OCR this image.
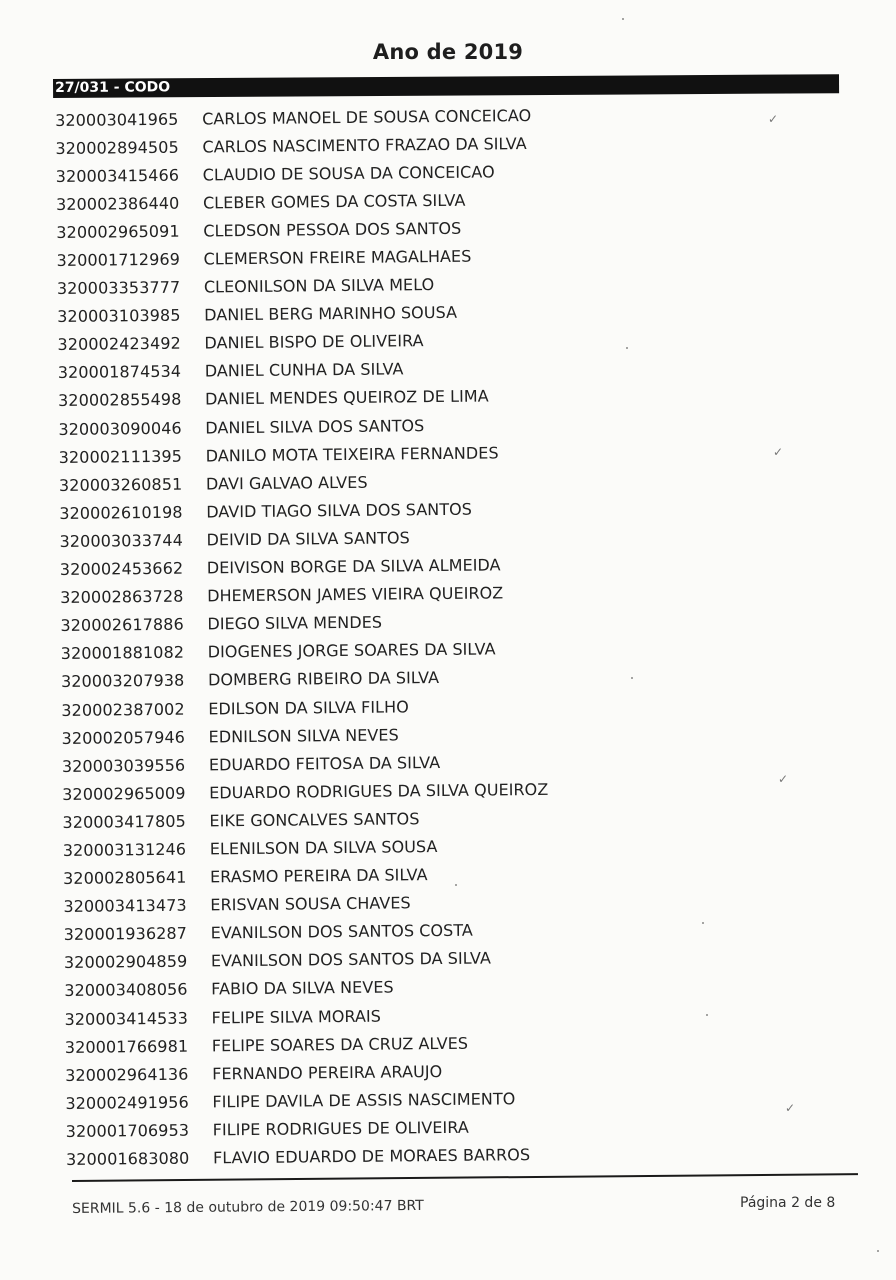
Ano de 2019
27/031 - CODO
320003041965	CARLOS MANOEL DE SOUSA CONCEICAO
320002894505	CARLOS NASCIMENTO FRAZAO DA SILVA
320003415466	CLAUDIO DE SOUSA DA CONCEICAO
320002386440	CLEBER GOMES DA COSTA SILVA
320002965091	CLEDSON PESSOA DOS SANTOS
320001712969	CLEMERSON FREIRE MAGALHAES
320003353777	CLEONILSON DA SILVA MELO
320003103985	DANIEL BERG MARINHO SOUSA
320002423492	DANIEL BISPO DE OLIVEIRA
320001874534	DANIEL CUNHA DA SILVA
320002855498	DANIEL MENDES QUEIROZ DE LIMA
320003090046	DANIEL SILVA DOS SANTOS
320002111395	DANILO MOTA TEIXEIRA FERNANDES
320003260851	DAVI GALVAO ALVES
320002610198	DAVID TIAGO SILVA DOS SANTOS
320003033744	DEIVID DA SILVA SANTOS
320002453662	DEIVISON BORGE DA SILVA ALMEIDA
320002863728	DHEMERSON JAMES VIEIRA QUEIROZ
320002617886	DIEGO SILVA MENDES
320001881082	DIOGENES JORGE SOARES DA SILVA
320003207938	DOMBERG RIBEIRO DA SILVA
320002387002	EDILSON DA SILVA FILHO
320002057946	EDNILSON SILVA NEVES
320003039556	EDUARDO FEITOSA DA SILVA
320002965009	EDUARDO RODRIGUES DA SILVA QUEIROZ
320003417805	EIKE GONCALVES SANTOS
320003131246	ELENILSON DA SILVA SOUSA
320002805641	ERASMO PEREIRA DA SILVA
320003413473	ERISVAN SOUSA CHAVES
320001936287	EVANILSON DOS SANTOS COSTA
320002904859	EVANILSON DOS SANTOS DA SILVA
320003408056	FABIO DA SILVA NEVES
320003414533	FELIPE SILVA MORAIS
320001766981	FELIPE SOARES DA CRUZ ALVES
320002964136	FERNANDO PEREIRA ARAUJO
320002491956	FILIPE DAVILA DE ASSIS NASCIMENTO
320001706953	FILIPE RODRIGUES DE OLIVEIRA
320001683080	FLAVIO EDUARDO DE MORAES BARROS
✓
✓
✓
✓
SERMIL 5.6 - 18 de outubro de 2019 09:50:47 BRT	Página 2 de 8
